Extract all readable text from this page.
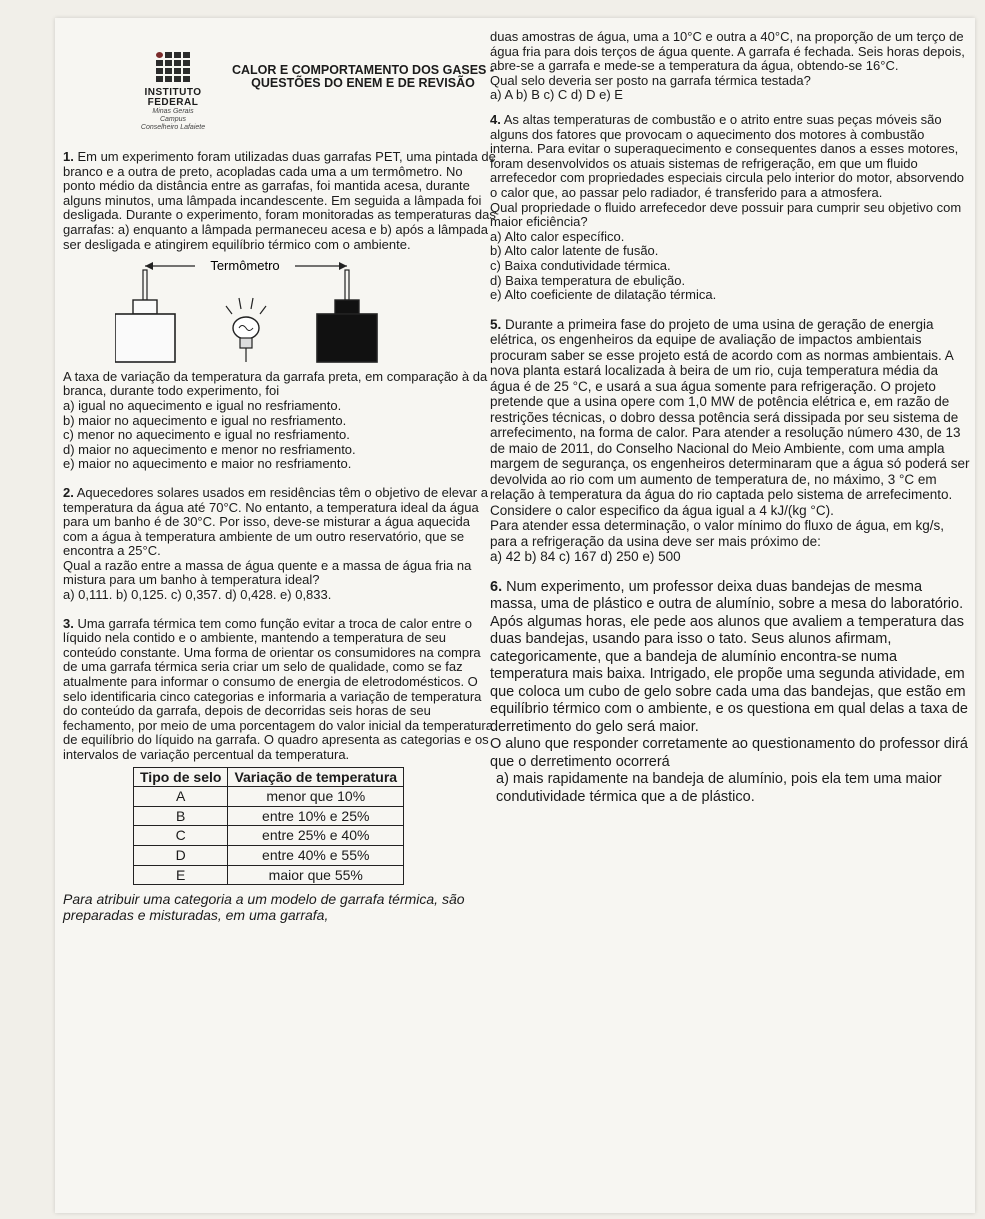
INSTITUTO FEDERAL
Minas Gerais
Campus
Conselheiro Lafaiete
CALOR E COMPORTAMENTO DOS GASES - QUESTÕES DO ENEM E DE REVISÃO

1. Em um experimento foram utilizadas duas garrafas PET, uma pintada de branco e a outra de preto, acopladas cada uma a um termômetro. No ponto médio da distância entre as garrafas, foi mantida acesa, durante alguns minutos, uma lâmpada incandescente. Em seguida a lâmpada foi desligada. Durante o experimento, foram monitoradas as temperaturas das garrafas: a) enquanto a lâmpada permaneceu acesa e b) após a lâmpada ser desligada e atingirem equilíbrio térmico com o ambiente.

Termômetro

A taxa de variação da temperatura da garrafa preta, em comparação à da branca, durante todo experimento, foi

a) igual no aquecimento e igual no resfriamento.

b) maior no aquecimento e igual no resfriamento.

c) menor no aquecimento e igual no resfriamento.

d) maior no aquecimento e menor no resfriamento.

e) maior no aquecimento e maior no resfriamento.

2. Aquecedores solares usados em residências têm o objetivo de elevar a temperatura da água até 70°C. No entanto, a temperatura ideal da água para um banho é de 30°C. Por isso, deve-se misturar a água aquecida com a água à temperatura ambiente de um outro reservatório, que se encontra a 25°C.

Qual a razão entre a massa de água quente e a massa de água fria na mistura para um banho à temperatura ideal?

a) 0,111. b) 0,125. c) 0,357. d) 0,428. e) 0,833.

3. Uma garrafa térmica tem como função evitar a troca de calor entre o líquido nela contido e o ambiente, mantendo a temperatura de seu conteúdo constante. Uma forma de orientar os consumidores na compra de uma garrafa térmica seria criar um selo de qualidade, como se faz atualmente para informar o consumo de energia de eletrodomésticos. O selo identificaria cinco categorias e informaria a variação de temperatura do conteúdo da garrafa, depois de decorridas seis horas de seu fechamento, por meio de uma porcentagem do valor inicial da temperatura de equilíbrio do líquido na garrafa. O quadro apresenta as categorias e os intervalos de variação percentual da temperatura.

Tipo de selo	Variação de temperatura
A	menor que 10%
B	entre 10% e 25%
C	entre 25% e 40%
D	entre 40% e 55%
E	maior que 55%

Para atribuir uma categoria a um modelo de garrafa térmica, são preparadas e misturadas, em uma garrafa,

duas amostras de água, uma a 10°C e outra a 40°C, na proporção de um terço de água fria para dois terços de água quente. A garrafa é fechada. Seis horas depois, abre-se a garrafa e mede-se a temperatura da água, obtendo-se 16°C.

Qual selo deveria ser posto na garrafa térmica testada?

a) A b) B c) C d) D e) E

4. As altas temperaturas de combustão e o atrito entre suas peças móveis são alguns dos fatores que provocam o aquecimento dos motores à combustão interna. Para evitar o superaquecimento e consequentes danos a esses motores, foram desenvolvidos os atuais sistemas de refrigeração, em que um fluido arrefecedor com propriedades especiais circula pelo interior do motor, absorvendo o calor que, ao passar pelo radiador, é transferido para a atmosfera.

Qual propriedade o fluido arrefecedor deve possuir para cumprir seu objetivo com maior eficiência?

a) Alto calor específico.

b) Alto calor latente de fusão.

c) Baixa condutividade térmica.

d) Baixa temperatura de ebulição.

e) Alto coeficiente de dilatação térmica.

5. Durante a primeira fase do projeto de uma usina de geração de energia elétrica, os engenheiros da equipe de avaliação de impactos ambientais procuram saber se esse projeto está de acordo com as normas ambientais. A nova planta estará localizada à beira de um rio, cuja temperatura média da água é de 25 °C, e usará a sua água somente para refrigeração. O projeto pretende que a usina opere com 1,0 MW de potência elétrica e, em razão de restrições técnicas, o dobro dessa potência será dissipada por seu sistema de arrefecimento, na forma de calor. Para atender a resolução número 430, de 13 de maio de 2011, do Conselho Nacional do Meio Ambiente, com uma ampla margem de segurança, os engenheiros determinaram que a água só poderá ser devolvida ao rio com um aumento de temperatura de, no máximo, 3 °C em relação à temperatura da água do rio captada pelo sistema de arrefecimento. Considere o calor especifico da água igual a 4 kJ/(kg °C).

Para atender essa determinação, o valor mínimo do fluxo de água, em kg/s, para a refrigeração da usina deve ser mais próximo de:

a) 42 b) 84 c) 167 d) 250 e) 500

6. Num experimento, um professor deixa duas bandejas de mesma massa, uma de plástico e outra de alumínio, sobre a mesa do laboratório. Após algumas horas, ele pede aos alunos que avaliem a temperatura das duas bandejas, usando para isso o tato. Seus alunos afirmam, categoricamente, que a bandeja de alumínio encontra-se numa temperatura mais baixa. Intrigado, ele propõe uma segunda atividade, em que coloca um cubo de gelo sobre cada uma das bandejas, que estão em equilíbrio térmico com o ambiente, e os questiona em qual delas a taxa de derretimento do gelo será maior.

O aluno que responder corretamente ao questionamento do professor dirá que o derretimento ocorrerá

a) mais rapidamente na bandeja de alumínio, pois ela tem uma maior condutividade térmica que a de plástico.
